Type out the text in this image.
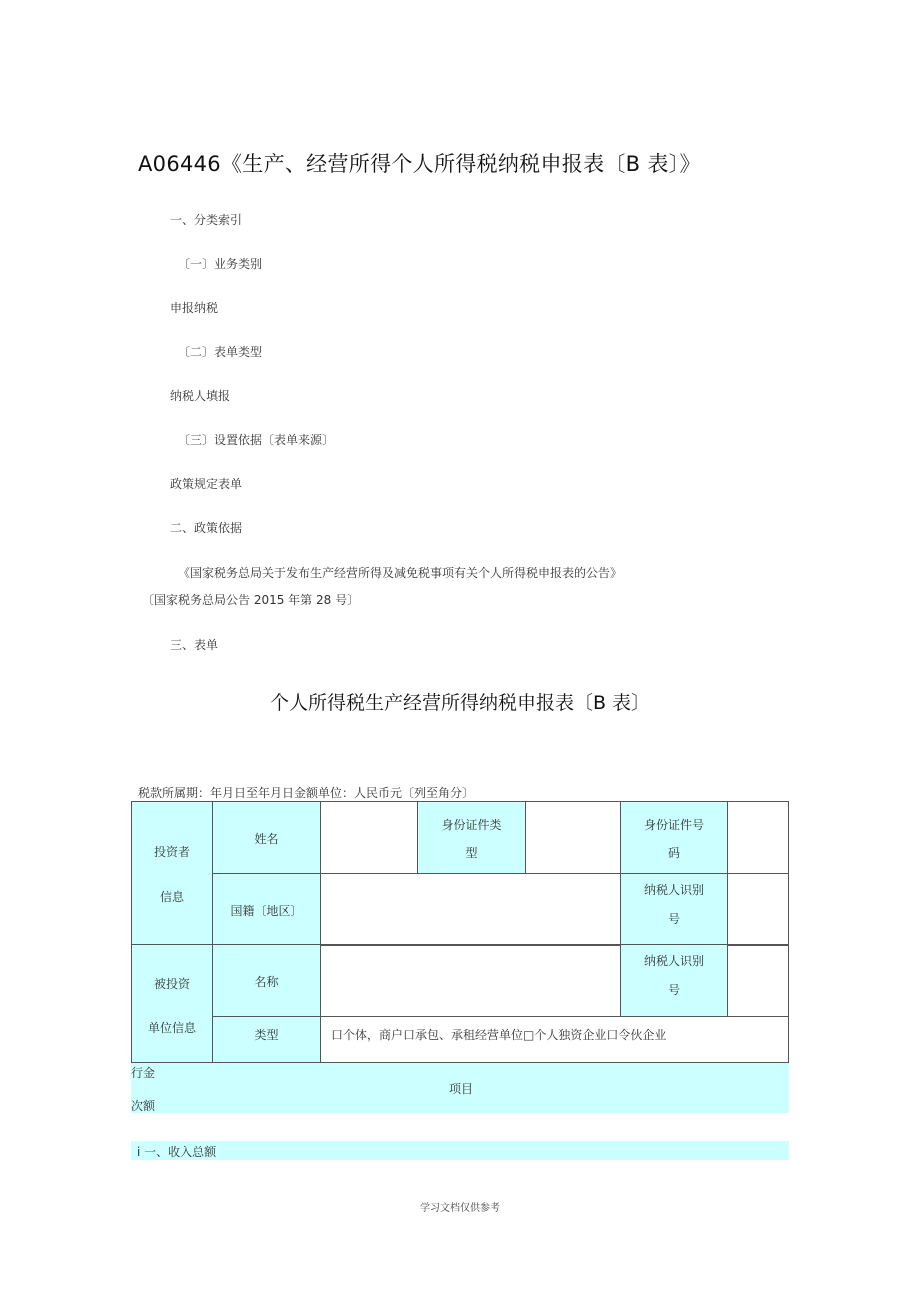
A06446《生产、经营所得个人所得税纳税申报表〔B 表〕》
一、分类索引
〔一〕业务类别
申报纳税
〔二〕表单类型
纳税人填报
〔三〕设置依据〔表单来源〕
政策规定表单
二、政策依据
《国家税务总局关于发布生产经营所得及减免税事项有关个人所得税申报表的公告》
〔国家税务总局公告 2015 年第 28 号〕
三、表单
个人所得税生产经营所得纳税申报表〔B 表〕
税款所属期：年月日至年月日金额单位：人民币元〔列至角分〕
投资者
信息
姓名
身份证件类
型
身份证件号
码
国籍〔地区〕
纳税人识别
号
被投资
单位信息
名称
纳税人识别
号
类型	口个体，商户口承包、承租经营单位□个人独资企业口令伙企业
行金
次额
项目
i 一、收入总额
学习文档仅供参考
